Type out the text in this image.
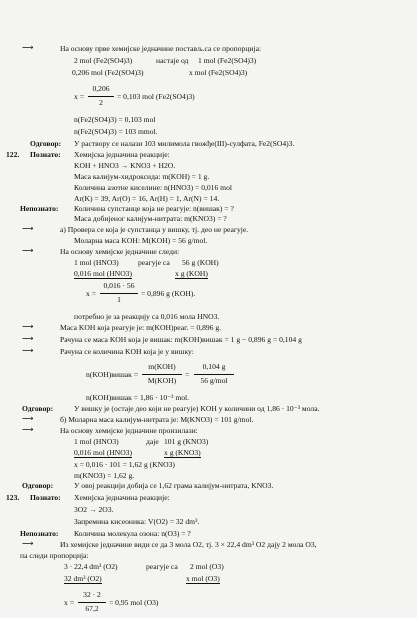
⟶	На основу прве хемијске једначине постављ.са се пропорција:
2 mol (Fe2(SO4)3)	настаје од 1 mol (Fe2(SO4)3)
0,206 mol (Fe2(SO4)3)	x mol (Fe2(SO4)3)
x =
0,206
2
= 0,103 mol (Fe2(SO4)3)
n(Fe2(SO4)3) = 0,103 mol
n(Fe2(SO4)3) = 103 mmol.
Одговор: У раствору се налази 103 милимола гвожђе(III)-сулфата, Fe2(SO4)3.
122. Познато: Хемијска једначина реакције:
KOH + HNO3 → KNO3 + H2O.
Маса калијум-хидроксида: m(KOH) = 1 g.
Количина азотне киселине: n(HNO3) = 0,016 mol
Ar(K) = 39, Ar(O) = 16, Ar(H) = 1, Ar(N) = 14.
Непознато: Количина супстанце која не реагује: n(вишак) = ?
Маса добијеног калијум-нитрата: m(KNO3) = ?
⟶	а) Провера се која је супстанца у вишку, тј. део не реагује.
Моларна маса KOH: M(KOH) = 56 g/mol.
⟶	На основу хемијске једначине следи:
1 mol (HNO3)	реагује са 56 g (KOH)
0,016 mol (HNO3)	x g (KOH)
x =
0,016 · 56
1
= 0,896 g (KOH).
потребно је за реакцију са 0,016 мола HNO3.
⟶	Маса KOH која реагује је: m(KOH)реаг. = 0,896 g.
⟶	Рачуна се маса KOH која је вишак: m(KOH)вишак = 1 g − 0,896 g = 0,104 g
⟶	Рачуна се количина KOH која је у вишку:
n(KOH)вишак =
m(KOH)
M(KOH)
=
0,104 g
56 g/mol
n(KOH)вишак = 1,86 · 10⁻³ mol.
Одговор:	У вишку је (остаје део који не реагује) KOH у количини од 1,86 · 10⁻³ мола.
⟶	б) Моларна маса калијум-нитрата је: M(KNO3) = 101 g/mol.
⟶	На основу хемијске једначине произилази:
1 mol (HNO3)	даје 101 g (KNO3)
0,016 mol (HNO3)	x g (KNO3)
x = 0,016 · 101 = 1,62 g (KNO3)
m(KNO3) = 1,62 g.
Одговор:	У овој реакцији добија се 1,62 грама калијум-нитрата, KNO3.
123. Познато: Хемијска једначина реакције:
3O2 → 2O3.
Запремина кисеоника: V(O2) = 32 dm³.
Непознато: Количина молекула озона: n(O3) = ?
⟶	Из хемијске једначине види се да 3 мола O2, тј. 3 × 22,4 dm³ O2 дају 2 мола O3,
па следи пропорција:
3 · 22,4 dm³ (O2)	реагује са 2 mol (O3)
32 dm³ (O2)	x mol (O3)
x =
32 · 2
67,2
= 0,95 mol (O3)
